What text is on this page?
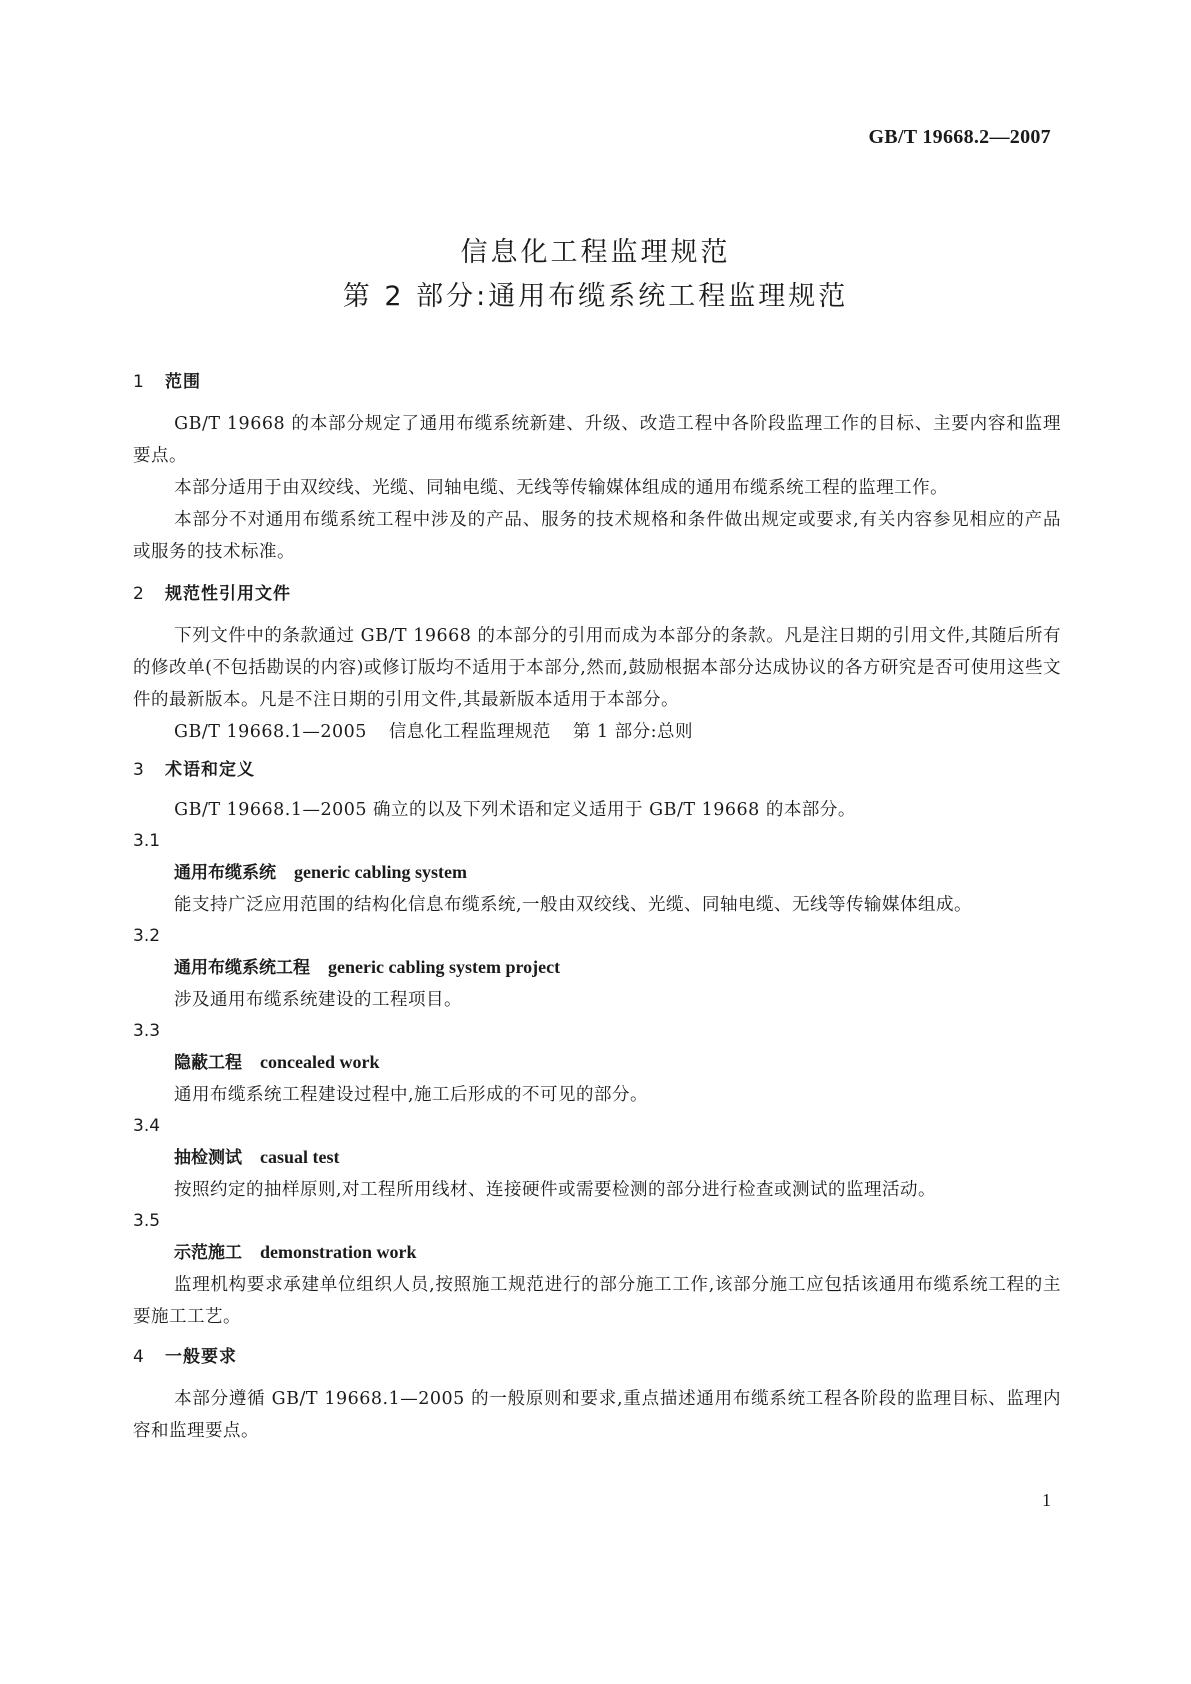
GB/T 19668.2—2007
信息化工程监理规范
第 2 部分:通用布缆系统工程监理规范
1 范围

GB/T 19668 的本部分规定了通用布缆系统新建、升级、改造工程中各阶段监理工作的目标、主要内容和监理要点。

本部分适用于由双绞线、光缆、同轴电缆、无线等传输媒体组成的通用布缆系统工程的监理工作。

本部分不对通用布缆系统工程中涉及的产品、服务的技术规格和条件做出规定或要求,有关内容参见相应的产品或服务的技术标准。

2 规范性引用文件

下列文件中的条款通过 GB/T 19668 的本部分的引用而成为本部分的条款。凡是注日期的引用文件,其随后所有的修改单(不包括勘误的内容)或修订版均不适用于本部分,然而,鼓励根据本部分达成协议的各方研究是否可使用这些文件的最新版本。凡是不注日期的引用文件,其最新版本适用于本部分。

GB/T 19668.1—2005 信息化工程监理规范 第 1 部分:总则

3 术语和定义

GB/T 19668.1—2005 确立的以及下列术语和定义适用于 GB/T 19668 的本部分。

3.1

通用布缆系统 generic cabling system

能支持广泛应用范围的结构化信息布缆系统,一般由双绞线、光缆、同轴电缆、无线等传输媒体组成。

3.2

通用布缆系统工程 generic cabling system project

涉及通用布缆系统建设的工程项目。

3.3

隐蔽工程 concealed work

通用布缆系统工程建设过程中,施工后形成的不可见的部分。

3.4

抽检测试 casual test

按照约定的抽样原则,对工程所用线材、连接硬件或需要检测的部分进行检查或测试的监理活动。

3.5

示范施工 demonstration work

监理机构要求承建单位组织人员,按照施工规范进行的部分施工工作,该部分施工应包括该通用布缆系统工程的主要施工工艺。

4 一般要求

本部分遵循 GB/T 19668.1—2005 的一般原则和要求,重点描述通用布缆系统工程各阶段的监理目标、监理内容和监理要点。

1
